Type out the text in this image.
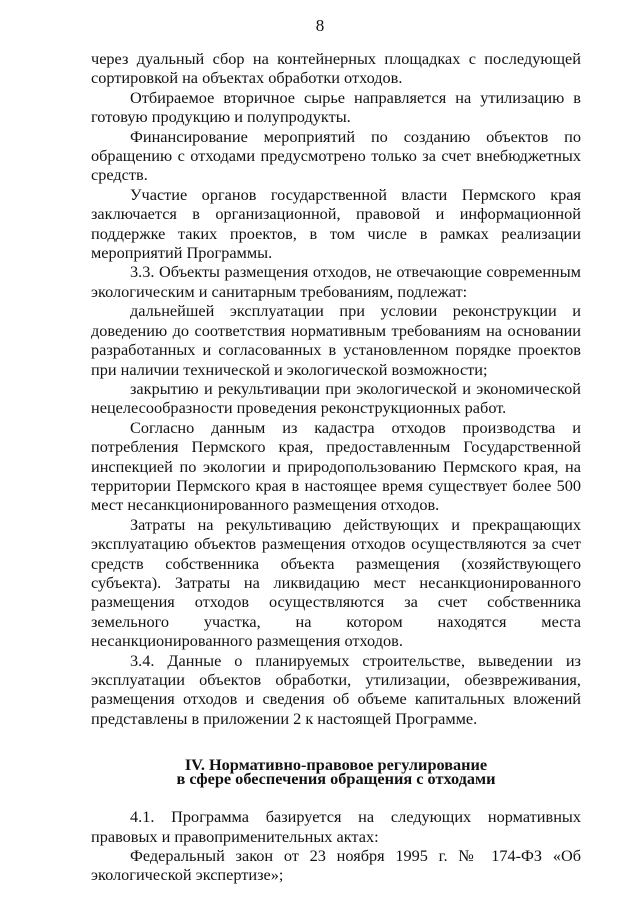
8

через дуальный сбор на контейнерных площадках с последующей сортировкой на объектах обработки отходов.

Отбираемое вторичное сырье направляется на утилизацию в готовую продукцию и полупродукты.

Финансирование мероприятий по созданию объектов по обращению с отходами предусмотрено только за счет внебюджетных средств.

Участие органов государственной власти Пермского края заключается в организационной, правовой и информационной поддержке таких проектов, в том числе в рамках реализации мероприятий Программы.

3.3. Объекты размещения отходов, не отвечающие современным экологическим и санитарным требованиям, подлежат:

дальнейшей эксплуатации при условии реконструкции и доведению до соответствия нормативным требованиям на основании разработанных и согласованных в установленном порядке проектов при наличии технической и экологической возможности;

закрытию и рекультивации при экологической и экономической нецелесообразности проведения реконструкционных работ.

Согласно данным из кадастра отходов производства и потребления Пермского края, предоставленным Государственной инспекцией по экологии и природопользованию Пермского края, на территории Пермского края в настоящее время существует более 500 мест несанкционированного размещения отходов.

Затраты на рекультивацию действующих и прекращающих эксплуатацию объектов размещения отходов осуществляются за счет средств собственника объекта размещения (хозяйствующего субъекта). Затраты на ликвидацию мест несанкционированного размещения отходов осуществляются за счет собственника земельного участка, на котором находятся места несанкционированного размещения отходов.

3.4. Данные о планируемых строительстве, выведении из эксплуатации объектов обработки, утилизации, обезвреживания, размещения отходов и сведения об объеме капитальных вложений представлены в приложении 2 к настоящей Программе.

IV. Нормативно-правовое регулирование
в сфере обеспечения обращения с отходами

4.1. Программа базируется на следующих нормативных правовых и правоприменительных актах:

Федеральный закон от 23 ноября 1995 г. № 174-ФЗ «Об экологической экспертизе»;
